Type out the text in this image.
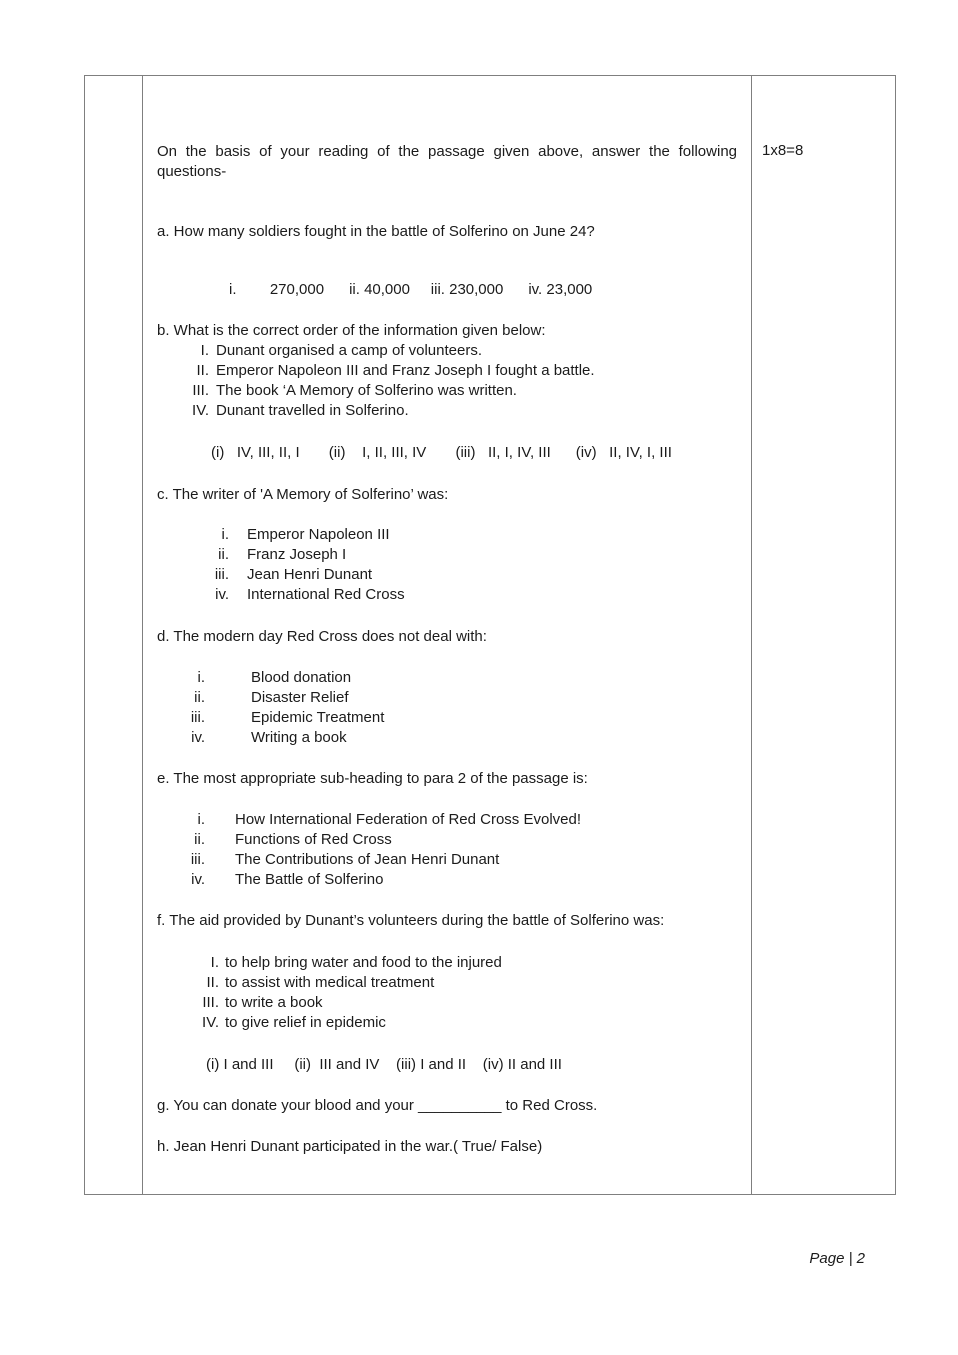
On the basis of your reading of the passage given above, answer the following questions-

a. How many soldiers fought in the battle of Solferino on June 24?

i.        270,000      ii. 40,000     iii. 230,000      iv. 23,000

b. What is the correct order of the information given below:

I. Dunant organised a camp of volunteers.
II. Emperor Napoleon III and Franz Joseph I fought a battle.
III. The book ‘A Memory of Solferino was written.
IV. Dunant travelled in Solferino.

(i)   IV, III, II, I       (ii)    I, II, III, IV       (iii)   II, I, IV, III      (iv)   II, IV, I, III

c. The writer of 'A Memory of Solferino’ was:

i. Emperor Napoleon III
ii. Franz Joseph I
iii. Jean Henri Dunant
iv. International Red Cross

d. The modern day Red Cross does not deal with:

i.	Blood donation
ii.	Disaster Relief
iii.	Epidemic Treatment
iv.	Writing a book

e. The most appropriate sub-heading to para 2 of the passage is:

i. How International Federation of Red Cross Evolved!
ii. Functions of Red Cross
iii. The Contributions of Jean Henri Dunant
iv. The Battle of Solferino

f. The aid provided by Dunant’s volunteers during the battle of Solferino was:

I. to help bring water and food to the injured
II. to assist with medical treatment
III. to write a book
IV. to give relief in epidemic

(i) I and III     (ii)  III and IV    (iii) I and II    (iv) II and III

g. You can donate your blood and your __________ to Red Cross.

h. Jean Henri Dunant participated in the war.( True/ False)

1x8=8
Page | 2
